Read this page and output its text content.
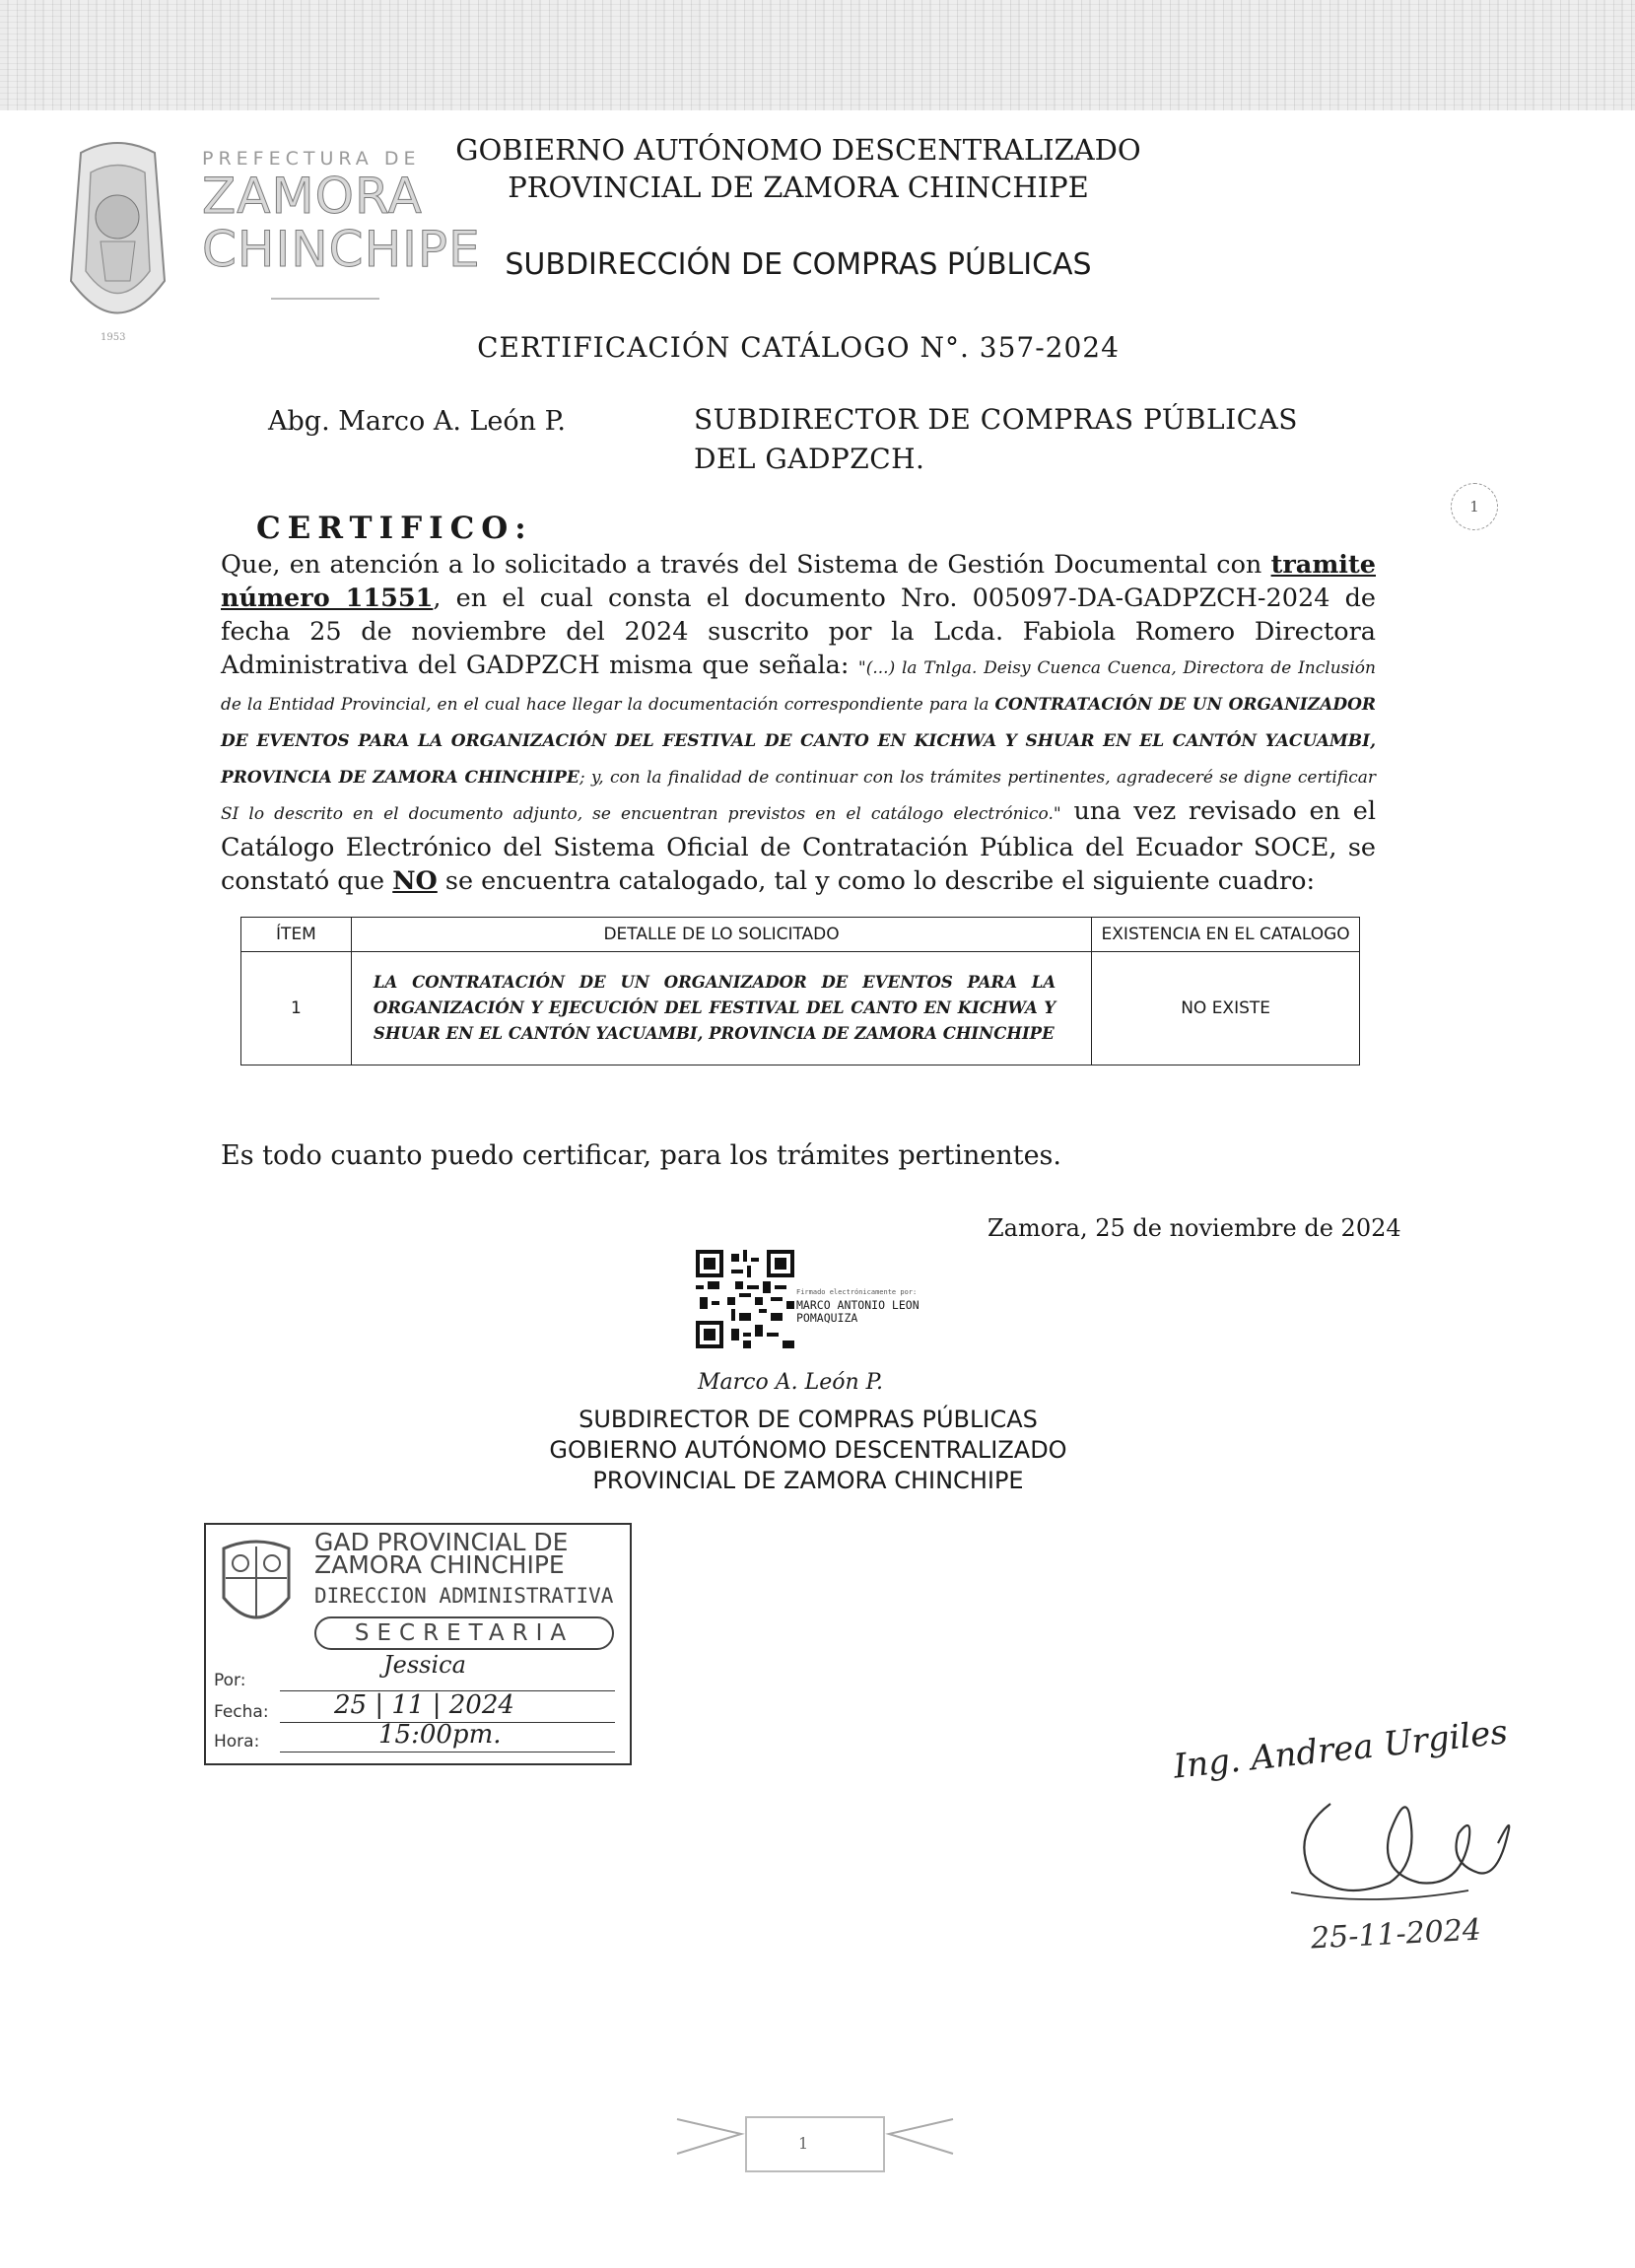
1953
PREFECTURA DE
ZAMORA
CHINCHIPE
GOBIERNO AUTÓNOMO DESCENTRALIZADO
PROVINCIAL DE ZAMORA CHINCHIPE
SUBDIRECCIÓN DE COMPRAS PÚBLICAS
CERTIFICACIÓN CATÁLOGO N°. 357-2024
Abg. Marco A. León P.	SUBDIRECTOR DE COMPRAS PÚBLICAS
DEL GADPZCH.
1
CERTIFICO:
Que, en atención a lo solicitado a través del Sistema de Gestión Documental con tramite número 11551, en el cual consta el documento Nro. 005097-DA-GADPZCH-2024 de fecha 25 de noviembre del 2024 suscrito por la Lcda. Fabiola Romero Directora Administrativa del GADPZCH misma que señala: "(...) la Tnlga. Deisy Cuenca Cuenca, Directora de Inclusión de la Entidad Provincial, en el cual hace llegar la documentación correspondiente para la CONTRATACIÓN DE UN ORGANIZADOR DE EVENTOS PARA LA ORGANIZACIÓN DEL FESTIVAL DE CANTO EN KICHWA Y SHUAR EN EL CANTÓN YACUAMBI, PROVINCIA DE ZAMORA CHINCHIPE; y, con la finalidad de continuar con los trámites pertinentes, agradeceré se digne certificar SI lo descrito en el documento adjunto, se encuentran previstos en el catálogo electrónico." una vez revisado en el Catálogo Electrónico del Sistema Oficial de Contratación Pública del Ecuador SOCE, se constató que NO se encuentra catalogado, tal y como lo describe el siguiente cuadro:
ÍTEM	DETALLE DE LO SOLICITADO	EXISTENCIA EN EL CATALOGO
1	LA CONTRATACIÓN DE UN ORGANIZADOR DE EVENTOS PARA LA ORGANIZACIÓN Y EJECUCIÓN DEL FESTIVAL DEL CANTO EN KICHWA Y SHUAR EN EL CANTÓN YACUAMBI, PROVINCIA DE ZAMORA CHINCHIPE	NO EXISTE
Es todo cuanto puedo certificar, para los trámites pertinentes.
Zamora, 25 de noviembre de 2024
Firmado electrónicamente por:
MARCO ANTONIO LEON
POMAQUIZA
Marco A. León P.
SUBDIRECTOR DE COMPRAS PÚBLICAS
GOBIERNO AUTÓNOMO DESCENTRALIZADO
PROVINCIAL DE ZAMORA CHINCHIPE
GAD PROVINCIAL DE
ZAMORA CHINCHIPE
DIRECCION ADMINISTRATIVA
SECRETARIA
Por:
Jessica
Fecha:	25 | 11 | 2024
Hora:	15:00pm.	Ing. Andrea Urgiles
25-11-2024
1
